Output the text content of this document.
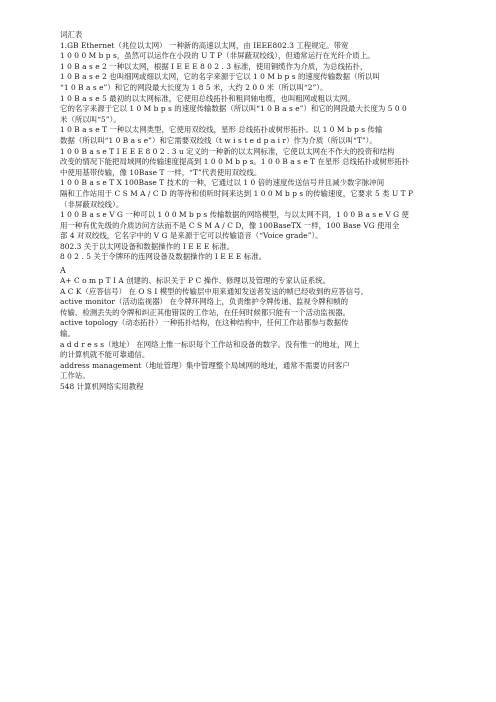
词汇表
1.GB Ethernet（兆位以太网） 一种新的高速以太网，由 IEEE802.3 工程规定。带宽
1 0 0 0 M b p s，虽然可以运作在小段的 U T P（非屏蔽双绞线），但通常运行在光纤介质上。
1 0 B a s e 2 一种以太网，根据 I E E E 8 0 2 . 3 标准，使用铜缆作为介质，为总线拓扑，
1 0 B a s e 2 也叫细网或细以太网，它的名字来源于它以 1 0 M b p s 的速度传输数据（所以叫
“1 0 B a s e”）和它的网段最大长度为 1 8 5 米，大约 2 0 0 米（所以叫“2”）。
1 0 B a s e 5 最初的以太网标准，它使用总线拓扑和粗同轴电缆，也叫粗网或粗以太网。
它的名字来源于它以 1 0 M b p s 的速度传输数据（所以叫“1 0 B a s e”）和它的网段最大长度为 5 0 0
米（所以叫“5”）。
1 0 B a s e T 一种以太网类型，它使用双绞线，星形 总线拓扑或树形拓扑。以 1 0 M b p s 传输
数据（所以叫“1 0 B a s e”）和它需要双绞线（t w i s t e d p a i r）作为介质（所以叫“T”）。
1 0 0 B a s e T I E E E 8 0 2 . 3 u 定义的一种新的以太网标准，它使以太网在不作大的投资和结构
改变的情况下能把局域网的传输速度提高到 1 0 0 M b p s。1 0 0 B a s e T 在星形 总线拓扑或树形拓扑
中使用基带传输，像 10Base T 一样，“T”代表使用双绞线。
1 0 0 B a s e T X 100Base T 技术的一种，它通过以 1 0 倍的速度传送信号并且减少数字脉冲间
隔和工作站用于 C S M A / C D 的等待和侦听时间来达到 1 0 0 M b p s 的传输速度，它要求 5 类 U T P
（非屏蔽双绞线）。
1 0 0 B a s e V G 一种可以 1 0 0 M b p s 传输数据的网络模型，与以太网不同，1 0 0 B a s e V G 使
用一种有优先级的介质访问方法而不是 C S M A / C D，像 100BaseTX 一样，100 Base VG 使用全
部 4 对双绞线，它名字中的 V G 是来源于它可以传输语音（“Voice grade”）。
802.3 关于以太网设备和数据操作的 I E E E 标准。
8 0 2 . 5 关于令牌环的连网设备及数据操作的 I E E E 标准。
A
A+ C o m p T I A 创建的、标识关于 P C 操作、修理以及管理的专家认证系统。
A C K（应答信号） 在 O S I 模型的传输层中用来通知发送者发送的帧已经收到的应答信号。
active monitor（活动监视器） 在令牌环网络上，负责维护令牌传递、监视令牌和帧的
传输、检测丢失的令牌和纠正其他错误的工作站，在任何时候都只能有一个活动监视器。
active topology（动态拓扑）一种拓扑结构，在这种结构中，任何工作站都参与数据传
输。
a d d r e s s（地址） 在网络上惟一标识每个工作站和设备的数字。没有惟一的地址，网上
的计算机就不能可靠通信。
address management（地址管理）集中管理整个局域网的地址，通常不需要访问客户
工作站。
548 计算机网络实用教程
